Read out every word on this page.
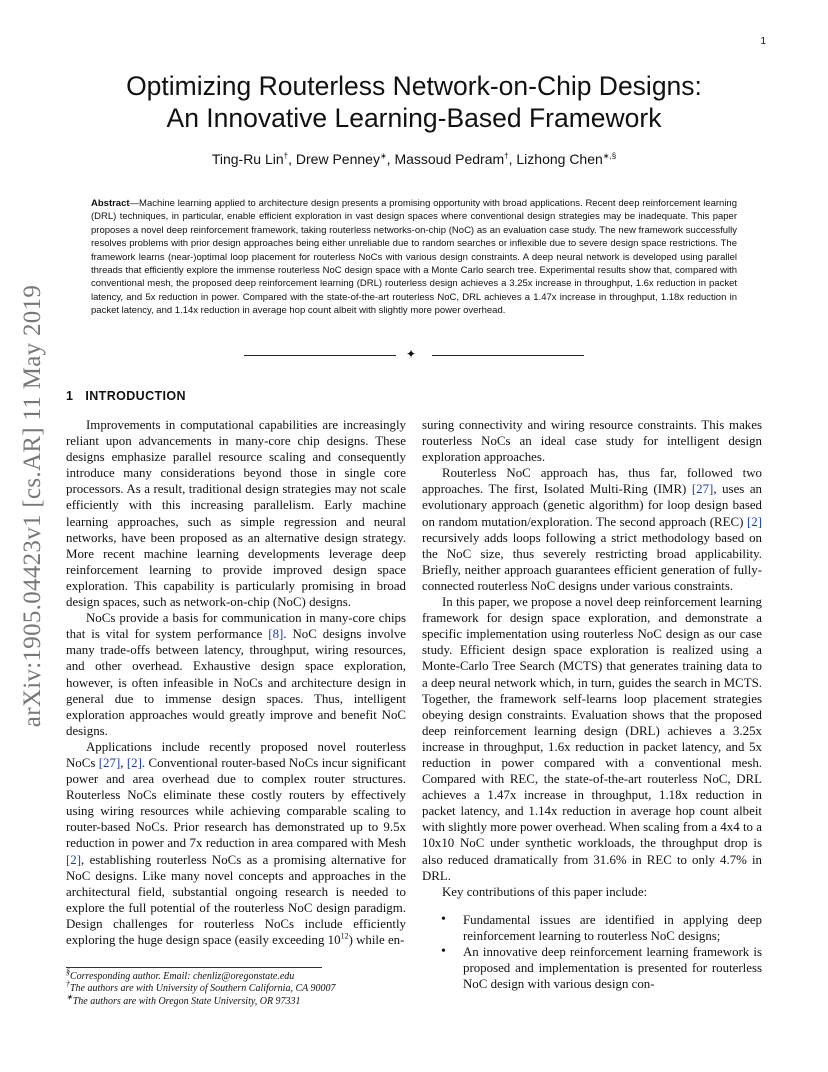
1
arXiv:1905.04423v1 [cs.AR] 11 May 2019
Optimizing Routerless Network-on-Chip Designs:
An Innovative Learning-Based Framework
Ting-Ru Lin†, Drew Penney∗, Massoud Pedram†, Lizhong Chen∗,§

Abstract—Machine learning applied to architecture design presents a promising opportunity with broad applications. Recent deep reinforcement learning (DRL) techniques, in particular, enable efficient exploration in vast design spaces where conventional design strategies may be inadequate. This paper proposes a novel deep reinforcement framework, taking routerless networks-on-chip (NoC) as an evaluation case study. The new framework successfully resolves problems with prior design approaches being either unreliable due to random searches or inflexible due to severe design space restrictions. The framework learns (near-)optimal loop placement for routerless NoCs with various design constraints. A deep neural network is developed using parallel threads that efficiently explore the immense routerless NoC design space with a Monte Carlo search tree. Experimental results show that, compared with conventional mesh, the proposed deep reinforcement learning (DRL) routerless design achieves a 3.25x increase in throughput, 1.6x reduction in packet latency, and 5x reduction in power. Compared with the state-of-the-art routerless NoC, DRL achieves a 1.47x increase in throughput, 1.18x reduction in packet latency, and 1.14x reduction in average hop count albeit with slightly more power overhead.

✦
1 INTRODUCTION

Improvements in computational capabilities are increasingly reliant upon advancements in many-core chip designs. These designs emphasize parallel resource scaling and consequently introduce many considerations beyond those in single core processors. As a result, traditional design strategies may not scale efficiently with this increasing parallelism. Early machine learning approaches, such as simple regression and neural networks, have been proposed as an alternative design strategy. More recent machine learning developments leverage deep reinforcement learning to provide improved design space exploration. This capability is particularly promising in broad design spaces, such as network-on-chip (NoC) designs.

NoCs provide a basis for communication in many-core chips that is vital for system performance [8]. NoC designs involve many trade-offs between latency, throughput, wiring resources, and other overhead. Exhaustive design space exploration, however, is often infeasible in NoCs and architecture design in general due to immense design spaces. Thus, intelligent exploration approaches would greatly improve and benefit NoC designs.

Applications include recently proposed novel routerless NoCs [27], [2]. Conventional router-based NoCs incur significant power and area overhead due to complex router structures. Routerless NoCs eliminate these costly routers by effectively using wiring resources while achieving comparable scaling to router-based NoCs. Prior research has demonstrated up to 9.5x reduction in power and 7x reduction in area compared with Mesh [2], establishing routerless NoCs as a promising alternative for NoC designs. Like many novel concepts and approaches in the architectural field, substantial ongoing research is needed to explore the full potential of the routerless NoC design paradigm. Design challenges for routerless NoCs include efficiently exploring the huge design space (easily exceeding $10^{12}$) while en-

suring connectivity and wiring resource constraints. This makes routerless NoCs an ideal case study for intelligent design exploration approaches.

Routerless NoC approach has, thus far, followed two approaches. The first, Isolated Multi-Ring (IMR) [27], uses an evolutionary approach (genetic algorithm) for loop design based on random mutation/exploration. The second approach (REC) [2] recursively adds loops following a strict methodology based on the NoC size, thus severely restricting broad applicability. Briefly, neither approach guarantees efficient generation of fully-connected routerless NoC designs under various constraints.

In this paper, we propose a novel deep reinforcement learning framework for design space exploration, and demonstrate a specific implementation using routerless NoC design as our case study. Efficient design space exploration is realized using a Monte-Carlo Tree Search (MCTS) that generates training data to a deep neural network which, in turn, guides the search in MCTS. Together, the framework self-learns loop placement strategies obeying design constraints. Evaluation shows that the proposed deep reinforcement learning design (DRL) achieves a 3.25x increase in throughput, 1.6x reduction in packet latency, and 5x reduction in power compared with a conventional mesh. Compared with REC, the state-of-the-art routerless NoC, DRL achieves a 1.47x increase in throughput, 1.18x reduction in packet latency, and 1.14x reduction in average hop count albeit with slightly more power overhead. When scaling from a 4x4 to a 10x10 NoC under synthetic workloads, the throughput drop is also reduced dramatically from 31.6% in REC to only 4.7% in DRL.

Key contributions of this paper include:

• Fundamental issues are identified in applying deep reinforcement learning to routerless NoC designs;
• An innovative deep reinforcement learning framework is proposed and implementation is presented for routerless NoC design with various design con-
§Corresponding author. Email: chenliz@oregonstate.edu
†The authors are with University of Southern California, CA 90007
∗The authors are with Oregon State University, OR 97331
